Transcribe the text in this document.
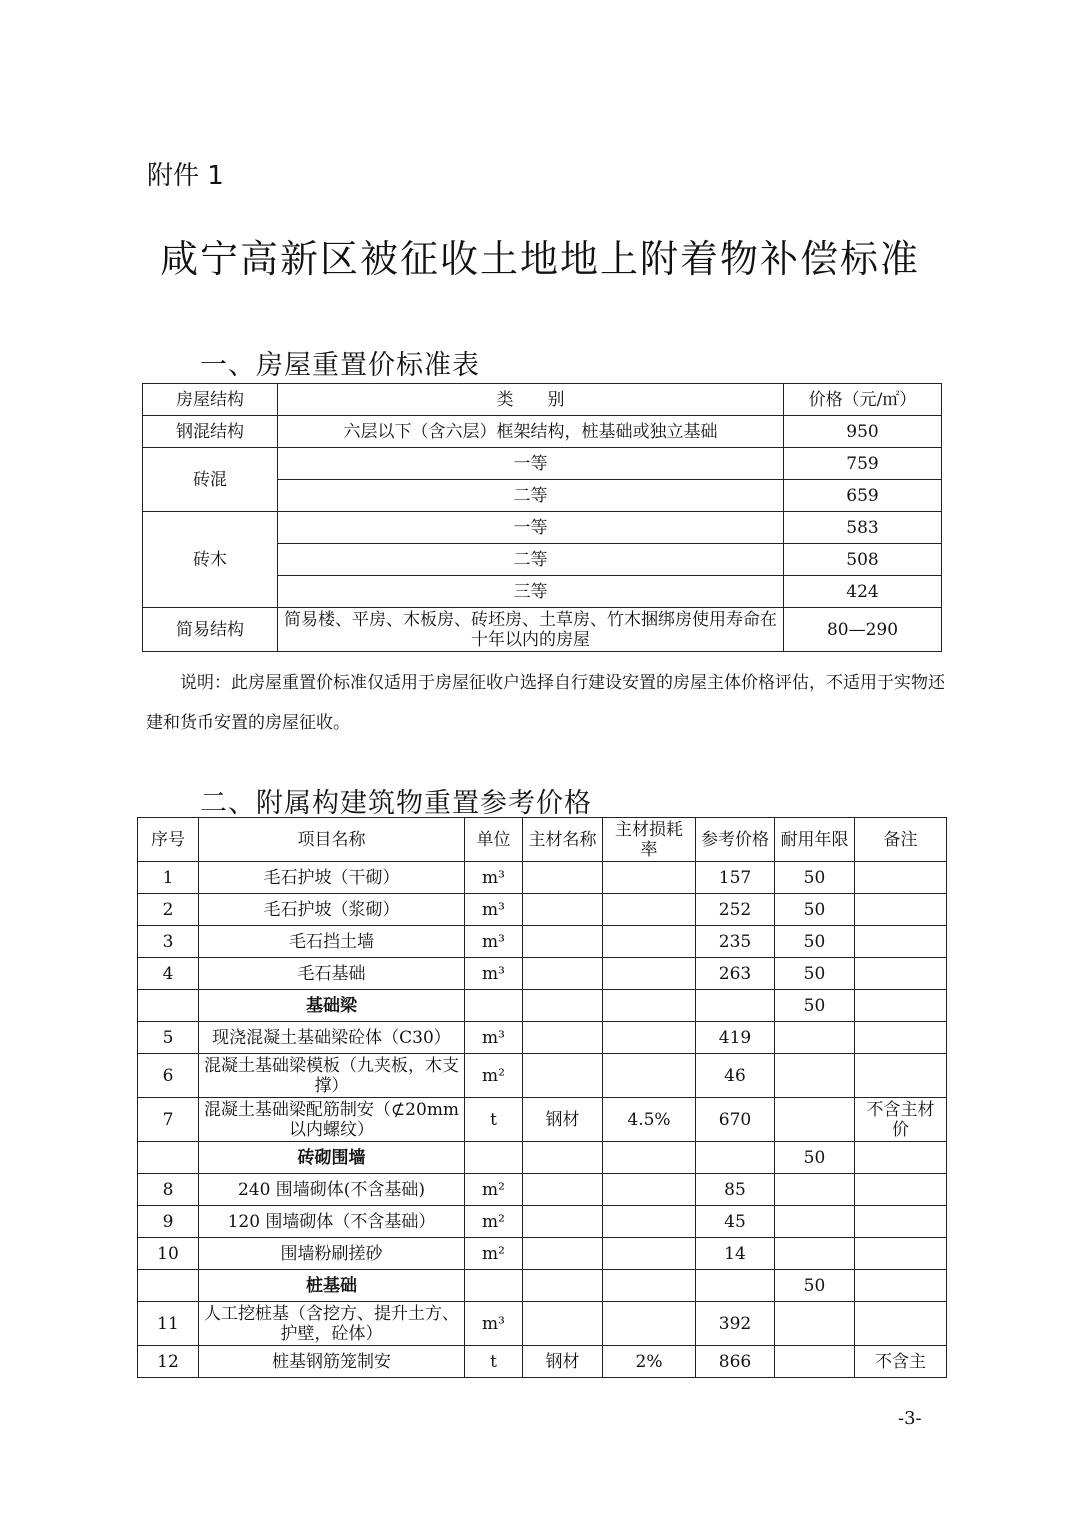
附件 1
咸宁高新区被征收土地地上附着物补偿标准
一、房屋重置价标准表
房屋结构	类　　别	价格（元/㎡）
钢混结构	六层以下（含六层）框架结构，桩基础或独立基础	950
砖混	一等	759
	二等	659
砖木	一等	583
	二等	508
	三等	424
简易结构	简易楼、平房、木板房、砖坯房、土草房、竹木捆绑房使用寿命在十年以内的房屋	80—290
说明：此房屋重置价标准仅适用于房屋征收户选择自行建设安置的房屋主体价格评估，不适用于实物还建和货币安置的房屋征收。
二、附属构建筑物重置参考价格
序号	项目名称	单位	主材名称	主材损耗率	参考价格	耐用年限	备注
1	毛石护坡（干砌）	m³			157	50	
2	毛石护坡（浆砌）	m³			252	50	
3	毛石挡土墙	m³			235	50	
4	毛石基础	m³			263	50	
	基础梁					50	
5	现浇混凝土基础梁砼体（C30）	m³			419		
6	混凝土基础梁模板（九夹板，木支撑）	m²			46		
7	混凝土基础梁配筋制安（⊄20mm以内螺纹）	t	钢材	4.5%	670		不含主材价
	砖砌围墙					50	
8	240 围墙砌体(不含基础)	m²			85		
9	120 围墙砌体（不含基础）	m²			45		
10	围墙粉刷搓砂	m²			14		
	桩基础					50	
11	人工挖桩基（含挖方、提升土方、护壁，砼体）	m³			392		
12	桩基钢筋笼制安	t	钢材	2%	866		不含主
-3-
